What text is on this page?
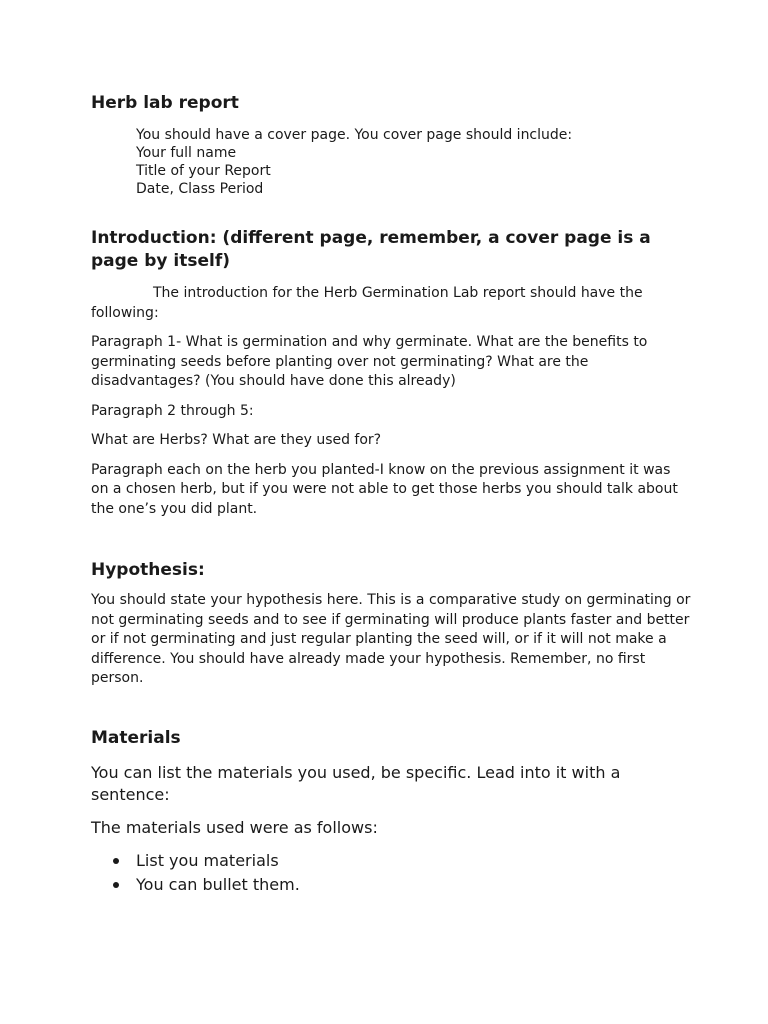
Herb lab report
You should have a cover page. You cover page should include:
Your full name
Title of your Report
Date, Class Period
Introduction: (different page, remember, a cover page is a page by itself)

The introduction for the Herb Germination Lab report should have the following:

Paragraph 1- What is germination and why germinate. What are the benefits to germinating seeds before planting over not germinating? What are the disadvantages? (You should have done this already)

Paragraph 2 through 5:

What are Herbs? What are they used for?

Paragraph each on the herb you planted-I know on the previous assignment it was on a chosen herb, but if you were not able to get those herbs you should talk about the one’s you did plant.

Hypothesis:

You should state your hypothesis here. This is a comparative study on germinating or not germinating seeds and to see if germinating will produce plants faster and better or if not germinating and just regular planting the seed will, or if it will not make a difference. You should have already made your hypothesis. Remember, no first person.

Materials

You can list the materials you used, be specific. Lead into it with a sentence:

The materials used were as follows:

List you materials
You can bullet them.
